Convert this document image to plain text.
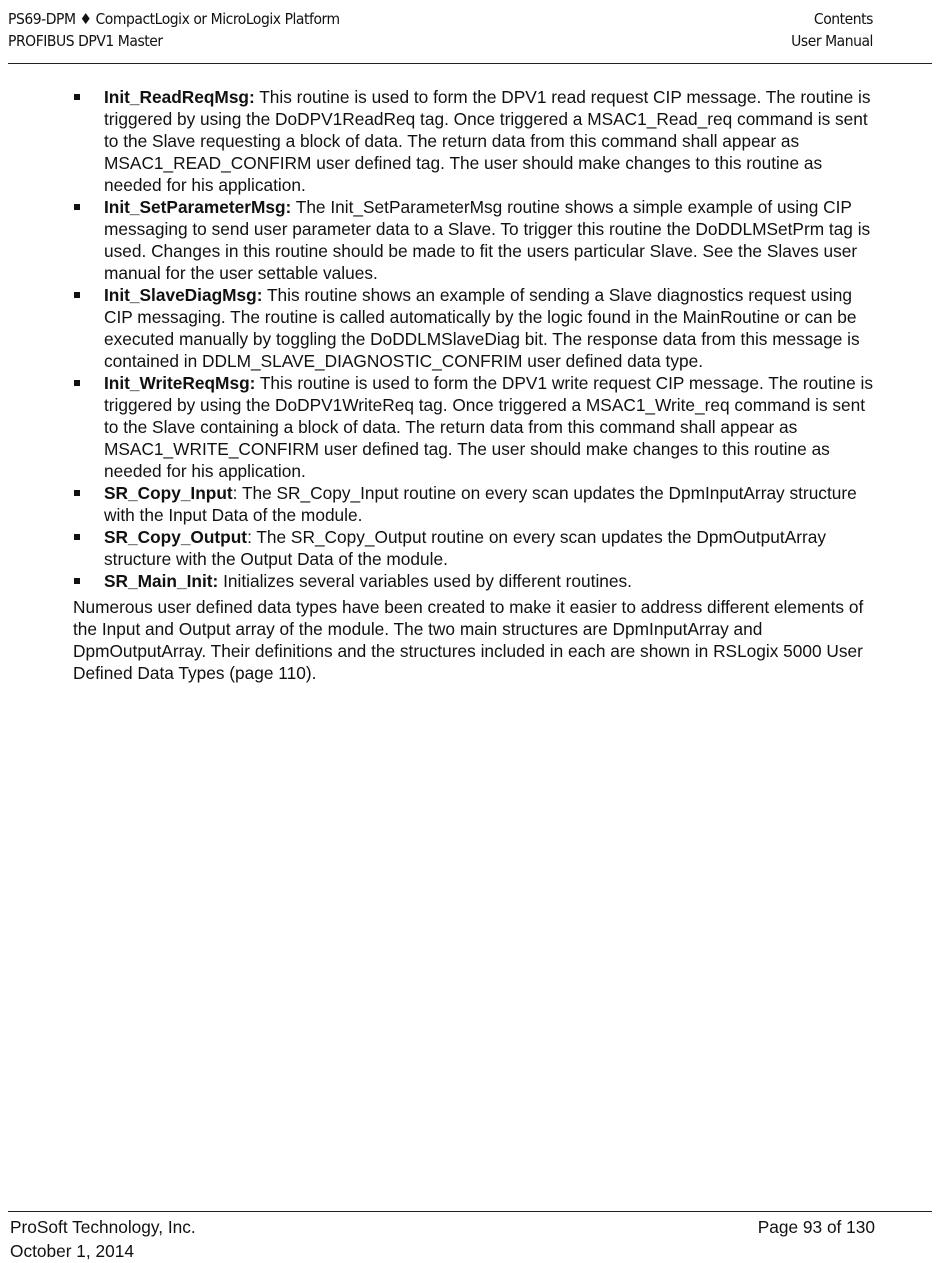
PS69-DPM ♦ CompactLogix or MicroLogix Platform
PROFIBUS DPV1 Master
Contents
User Manual
Init_ReadReqMsg: This routine is used to form the DPV1 read request CIP message. The routine is triggered by using the DoDPV1ReadReq tag. Once triggered a MSAC1_Read_req command is sent to the Slave requesting a block of data. The return data from this command shall appear as MSAC1_READ_CONFIRM user defined tag. The user should make changes to this routine as needed for his application.
Init_SetParameterMsg: The Init_SetParameterMsg routine shows a simple example of using CIP messaging to send user parameter data to a Slave. To trigger this routine the DoDDLMSetPrm tag is used. Changes in this routine should be made to fit the users particular Slave. See the Slaves user manual for the user settable values.
Init_SlaveDiagMsg: This routine shows an example of sending a Slave diagnostics request using CIP messaging. The routine is called automatically by the logic found in the MainRoutine or can be executed manually by toggling the DoDDLMSlaveDiag bit. The response data from this message is contained in DDLM_SLAVE_DIAGNOSTIC_CONFRIM user defined data type.
Init_WriteReqMsg: This routine is used to form the DPV1 write request CIP message. The routine is triggered by using the DoDPV1WriteReq tag. Once triggered a MSAC1_Write_req command is sent to the Slave containing a block of data. The return data from this command shall appear as MSAC1_WRITE_CONFIRM user defined tag. The user should make changes to this routine as needed for his application.
SR_Copy_Input: The SR_Copy_Input routine on every scan updates the DpmInputArray structure with the Input Data of the module.
SR_Copy_Output: The SR_Copy_Output routine on every scan updates the DpmOutputArray structure with the Output Data of the module.
SR_Main_Init: Initializes several variables used by different routines.

Numerous user defined data types have been created to make it easier to address different elements of the Input and Output array of the module. The two main structures are DpmInputArray and DpmOutputArray. Their definitions and the structures included in each are shown in RSLogix 5000 User Defined Data Types (page 110).

ProSoft Technology, Inc.
October 1, 2014
Page 93 of 130
